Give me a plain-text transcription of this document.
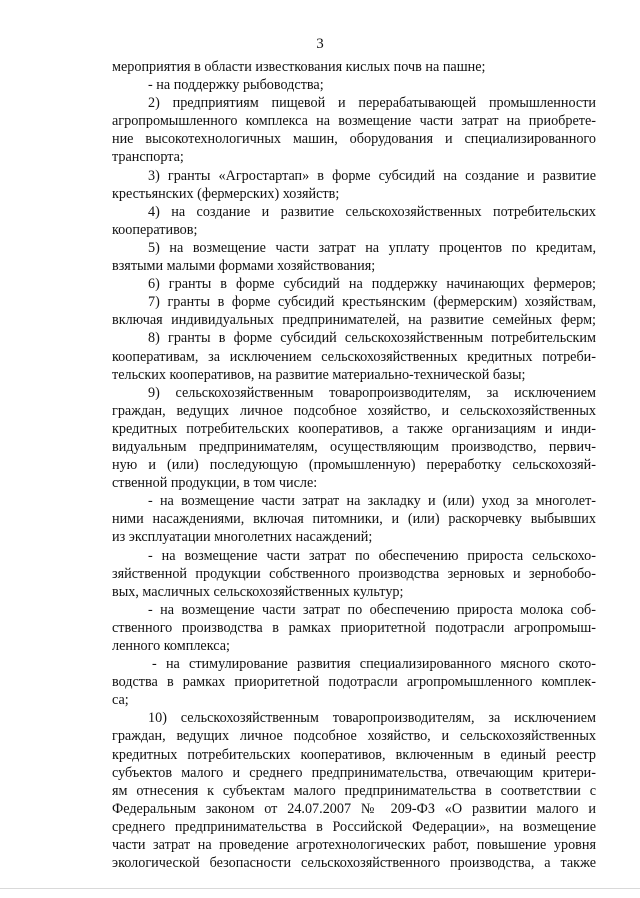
3
мероприятия в области известкования кислых почв на пашне;
- на поддержку рыбоводства;
2) предприятиям пищевой и перерабатывающей промышленности
агропромышленного комплекса на возмещение части затрат на приобрете-
ние высокотехнологичных машин, оборудования и специализированного
транспорта;
3) гранты «Агростартап» в форме субсидий на создание и развитие
крестьянских (фермерских) хозяйств;
4) на создание и развитие сельскохозяйственных потребительских
кооперативов;
5) на возмещение части затрат на уплату процентов по кредитам,
взятыми малыми формами хозяйствования;
6) гранты в форме субсидий на поддержку начинающих фермеров;
7) гранты в форме субсидий крестьянским (фермерским) хозяйствам,
включая индивидуальных предпринимателей, на развитие семейных ферм;
8) гранты в форме субсидий сельскохозяйственным потребительским
кооперативам, за исключением сельскохозяйственных кредитных потреби-
тельских кооперативов, на развитие материально-технической базы;
9) сельскохозяйственным товаропроизводителям, за исключением
граждан, ведущих личное подсобное хозяйство, и сельскохозяйственных
кредитных потребительских кооперативов, а также организациям и инди-
видуальным предпринимателям, осуществляющим производство, первич-
ную и (или) последующую (промышленную) переработку сельскохозяй-
ственной продукции, в том числе:
- на возмещение части затрат на закладку и (или) уход за многолет-
ними насаждениями, включая питомники, и (или) раскорчевку выбывших
из эксплуатации многолетних насаждений;
- на возмещение части затрат по обеспечению прироста сельскохо-
зяйственной продукции собственного производства зерновых и зернобобо-
вых, масличных сельскохозяйственных культур;
- на возмещение части затрат по обеспечению прироста молока соб-
ственного производства в рамках приоритетной подотрасли агропромыш-
ленного комплекса;
- на стимулирование развития специализированного мясного ското-
водства в рамках приоритетной подотрасли агропромышленного комплек-
са;
10) сельскохозяйственным товаропроизводителям, за исключением
граждан, ведущих личное подсобное хозяйство, и сельскохозяйственных
кредитных потребительских кооперативов, включенным в единый реестр
субъектов малого и среднего предпринимательства, отвечающим критери-
ям отнесения к субъектам малого предпринимательства в соответствии с
Федеральным законом от 24.07.2007 № 209-ФЗ «О развитии малого и
среднего предпринимательства в Российской Федерации», на возмещение
части затрат на проведение агротехнологических работ, повышение уровня
экологической безопасности сельскохозяйственного производства, а также
